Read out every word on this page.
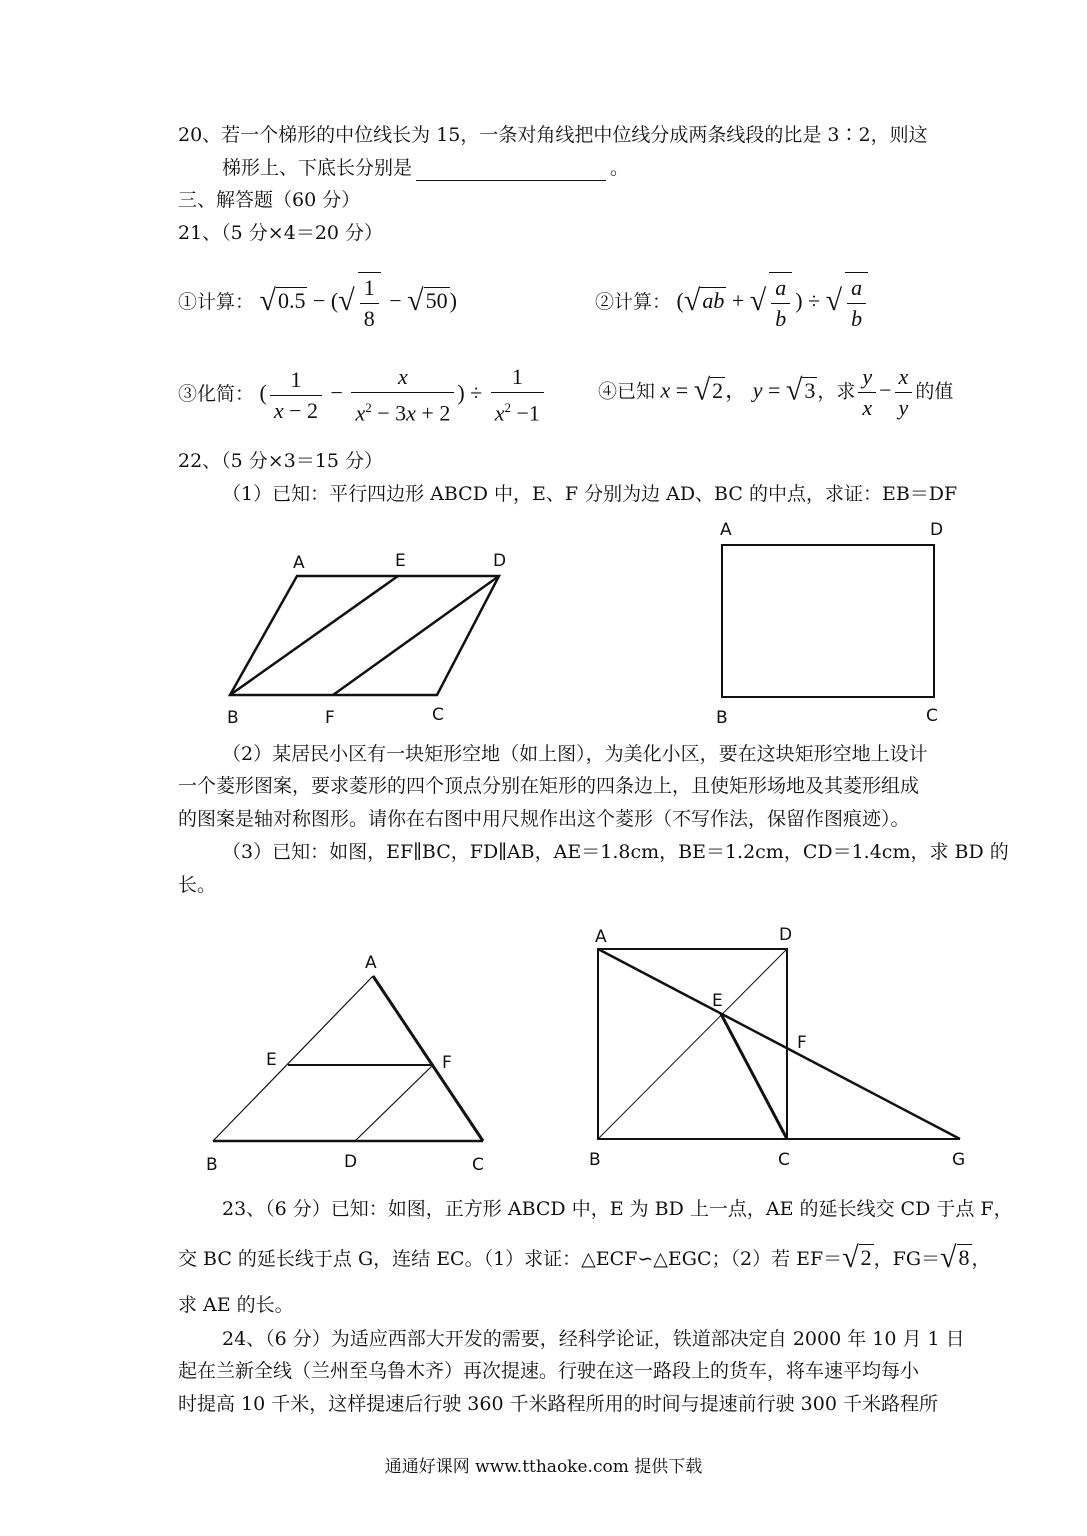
20、若一个梯形的中位线长为 15，一条对角线把中位线分成两条线段的比是 3∶2，则这
梯形上、下底长分别是	。
三、解答题（60 分）
21、（5 分×4＝20 分）
①计算： √0.5 − (√ $\frac{1}{8} - √50$)	②计算： (√ab + √ $\frac{a}{b}$ ) ÷ √ $\frac{a}{b}$
③化简： ( $\frac{1}{x - 2} - \frac{x}{x^2 - 3x + 2}$ ) ÷ $\frac{1}{x^2 -1}$	④已知 x = √2， y = √3 ，求 $\frac{y}{x} - \frac{x}{y}$ 的值
22、（5 分×3＝15 分）
（1）已知：平行四边形 ABCD 中，E、F 分别为边 AD、BC 的中点，求证：EB＝DF
A	E	D
B	F	C
A	D
B	C
（2）某居民小区有一块矩形空地（如上图），为美化小区，要在这块矩形空地上设计
一个菱形图案，要求菱形的四个顶点分别在矩形的四条边上，且使矩形场地及其菱形组成
的图案是轴对称图形。请你在右图中用尺规作出这个菱形（不写作法，保留作图痕迹）。
（3）已知：如图，EF∥BC，FD∥AB，AE＝1.8cm，BE＝1.2cm，CD＝1.4cm，求 BD 的
长。
A
E	F
B	D	C
A	D
E
F
B	C	G
23、（6 分）已知：如图，正方形 ABCD 中，E 为 BD 上一点，AE 的延长线交 CD 于点 F，
交 BC 的延长线于点 G，连结 EC。（1）求证：△ECF∽△EGC；（2）若 EF＝√2 ，FG＝√8 ，
求 AE 的长。
24、（6 分）为适应西部大开发的需要，经科学论证，铁道部决定自 2000 年 10 月 1 日
起在兰新全线（兰州至乌鲁木齐）再次提速。行驶在这一路段上的货车，将车速平均每小
时提高 10 千米，这样提速后行驶 360 千米路程所用的时间与提速前行驶 300 千米路程所
通通好课网 www.tthaoke.com 提供下载
